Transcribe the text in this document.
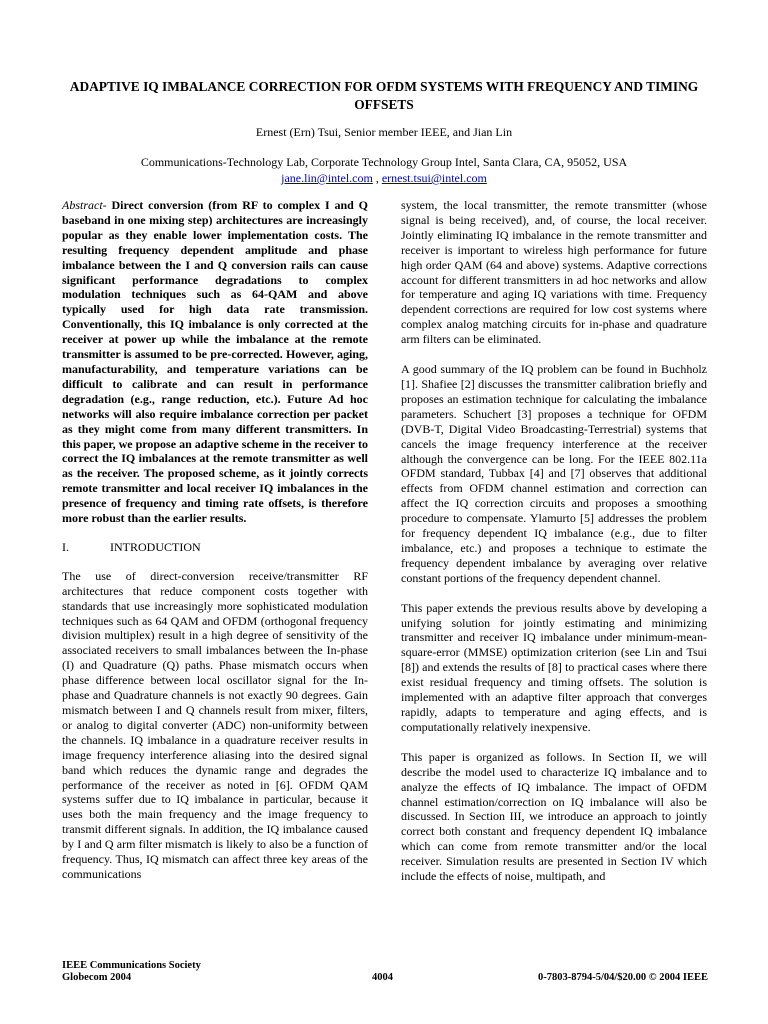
ADAPTIVE IQ IMBALANCE CORRECTION FOR OFDM SYSTEMS WITH FREQUENCY AND TIMING OFFSETS

Ernest (Ern) Tsui, Senior member IEEE, and Jian Lin

Communications-Technology Lab, Corporate Technology Group Intel, Santa Clara, CA, 95052, USA

jane.lin@intel.com , ernest.tsui@intel.com

Abstract- Direct conversion (from RF to complex I and Q baseband in one mixing step) architectures are increasingly popular as they enable lower implementation costs. The resulting frequency dependent amplitude and phase imbalance between the I and Q conversion rails can cause significant performance degradations to complex modulation techniques such as 64-QAM and above typically used for high data rate transmission. Conventionally, this IQ imbalance is only corrected at the receiver at power up while the imbalance at the remote transmitter is assumed to be pre-corrected. However, aging, manufacturability, and temperature variations can be difficult to calibrate and can result in performance degradation (e.g., range reduction, etc.). Future Ad hoc networks will also require imbalance correction per packet as they might come from many different transmitters. In this paper, we propose an adaptive scheme in the receiver to correct the IQ imbalances at the remote transmitter as well as the receiver. The proposed scheme, as it jointly corrects remote transmitter and local receiver IQ imbalances in the presence of frequency and timing rate offsets, is therefore more robust than the earlier results.

I.	INTRODUCTION

The use of direct-conversion receive/transmitter RF architectures that reduce component costs together with standards that use increasingly more sophisticated modulation techniques such as 64 QAM and OFDM (orthogonal frequency division multiplex) result in a high degree of sensitivity of the associated receivers to small imbalances between the In-phase (I) and Quadrature (Q) paths. Phase mismatch occurs when phase difference between local oscillator signal for the In-phase and Quadrature channels is not exactly 90 degrees. Gain mismatch between I and Q channels result from mixer, filters, or analog to digital converter (ADC) non-uniformity between the channels. IQ imbalance in a quadrature receiver results in image frequency interference aliasing into the desired signal band which reduces the dynamic range and degrades the performance of the receiver as noted in [6]. OFDM QAM systems suffer due to IQ imbalance in particular, because it uses both the main frequency and the image frequency to transmit different signals. In addition, the IQ imbalance caused by I and Q arm filter mismatch is likely to also be a function of frequency. Thus, IQ mismatch can affect three key areas of the communications

system, the local transmitter, the remote transmitter (whose signal is being received), and, of course, the local receiver. Jointly eliminating IQ imbalance in the remote transmitter and receiver is important to wireless high performance for future high order QAM (64 and above) systems. Adaptive corrections account for different transmitters in ad hoc networks and allow for temperature and aging IQ variations with time. Frequency dependent corrections are required for low cost systems where complex analog matching circuits for in-phase and quadrature arm filters can be eliminated.

A good summary of the IQ problem can be found in Buchholz [1]. Shafiee [2] discusses the transmitter calibration briefly and proposes an estimation technique for calculating the imbalance parameters. Schuchert [3] proposes a technique for OFDM (DVB-T, Digital Video Broadcasting-Terrestrial) systems that cancels the image frequency interference at the receiver although the convergence can be long. For the IEEE 802.11a OFDM standard, Tubbax [4] and [7] observes that additional effects from OFDM channel estimation and correction can affect the IQ correction circuits and proposes a smoothing procedure to compensate. Ylamurto [5] addresses the problem for frequency dependent IQ imbalance (e.g., due to filter imbalance, etc.) and proposes a technique to estimate the frequency dependent imbalance by averaging over relative constant portions of the frequency dependent channel.

This paper extends the previous results above by developing a unifying solution for jointly estimating and minimizing transmitter and receiver IQ imbalance under minimum-mean-square-error (MMSE) optimization criterion (see Lin and Tsui [8]) and extends the results of [8] to practical cases where there exist residual frequency and timing offsets. The solution is implemented with an adaptive filter approach that converges rapidly, adapts to temperature and aging effects, and is computationally relatively inexpensive.

This paper is organized as follows. In Section II, we will describe the model used to characterize IQ imbalance and to analyze the effects of IQ imbalance. The impact of OFDM channel estimation/correction on IQ imbalance will also be discussed. In Section III, we introduce an approach to jointly correct both constant and frequency dependent IQ imbalance which can come from remote transmitter and/or the local receiver. Simulation results are presented in Section IV which include the effects of noise, multipath, and

IEEE Communications Society
Globecom 2004	4004	0-7803-8794-5/04/$20.00 © 2004 IEEE
